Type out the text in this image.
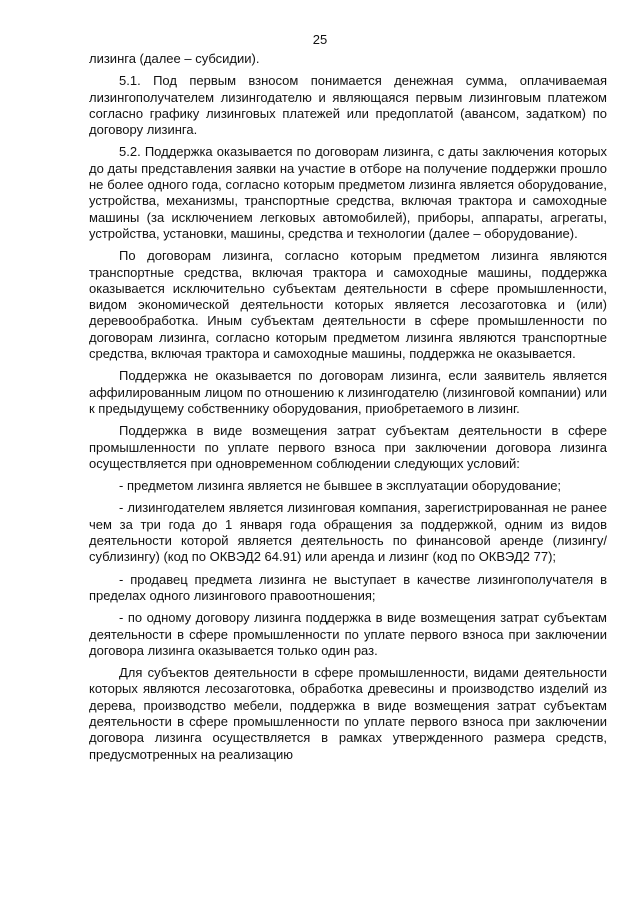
25

лизинга (далее – субсидии).

5.1. Под первым взносом понимается денежная сумма, оплачиваемая лизингополучателем лизингодателю и являющаяся первым лизинговым платежом согласно графику лизинговых платежей или предоплатой (авансом, задатком) по договору лизинга.

5.2. Поддержка оказывается по договорам лизинга, с даты заключения которых до даты представления заявки на участие в отборе на получение поддержки прошло не более одного года, согласно которым предметом лизинга является оборудование, устройства, механизмы, транспортные средства, включая трактора и самоходные машины (за исключением легковых автомобилей), приборы, аппараты, агрегаты, устройства, установки, машины, средства и технологии (далее – оборудование).

По договорам лизинга, согласно которым предметом лизинга являются транспортные средства, включая трактора и самоходные машины, поддержка оказывается исключительно субъектам деятельности в сфере промышленности, видом экономической деятельности которых является лесозаготовка и (или) деревообработка. Иным субъектам деятельности в сфере промышленности по договорам лизинга, согласно которым предметом лизинга являются транспортные средства, включая трактора и самоходные машины, поддержка не оказывается.

Поддержка не оказывается по договорам лизинга, если заявитель является аффилированным лицом по отношению к лизингодателю (лизинговой компании) или к предыдущему собственнику оборудования, приобретаемого в лизинг.

Поддержка в виде возмещения затрат субъектам деятельности в сфере промышленности по уплате первого взноса при заключении договора лизинга осуществляется при одновременном соблюдении следующих условий:

- предметом лизинга является не бывшее в эксплуатации оборудование;

- лизингодателем является лизинговая компания, зарегистрированная не ранее чем за три года до 1 января года обращения за поддержкой, одним из видов деятельности которой является деятельность по финансовой аренде (лизингу/сублизингу) (код по ОКВЭД2 64.91) или аренда и лизинг (код по ОКВЭД2 77);

- продавец предмета лизинга не выступает в качестве лизингополучателя в пределах одного лизингового правоотношения;

- по одному договору лизинга поддержка в виде возмещения затрат субъектам деятельности в сфере промышленности по уплате первого взноса при заключении договора лизинга оказывается только один раз.

Для субъектов деятельности в сфере промышленности, видами деятельности которых являются лесозаготовка, обработка древесины и производство изделий из дерева, производство мебели, поддержка в виде возмещения затрат субъектам деятельности в сфере промышленности по уплате первого взноса при заключении договора лизинга осуществляется в рамках утвержденного размера средств, предусмотренных на реализацию
